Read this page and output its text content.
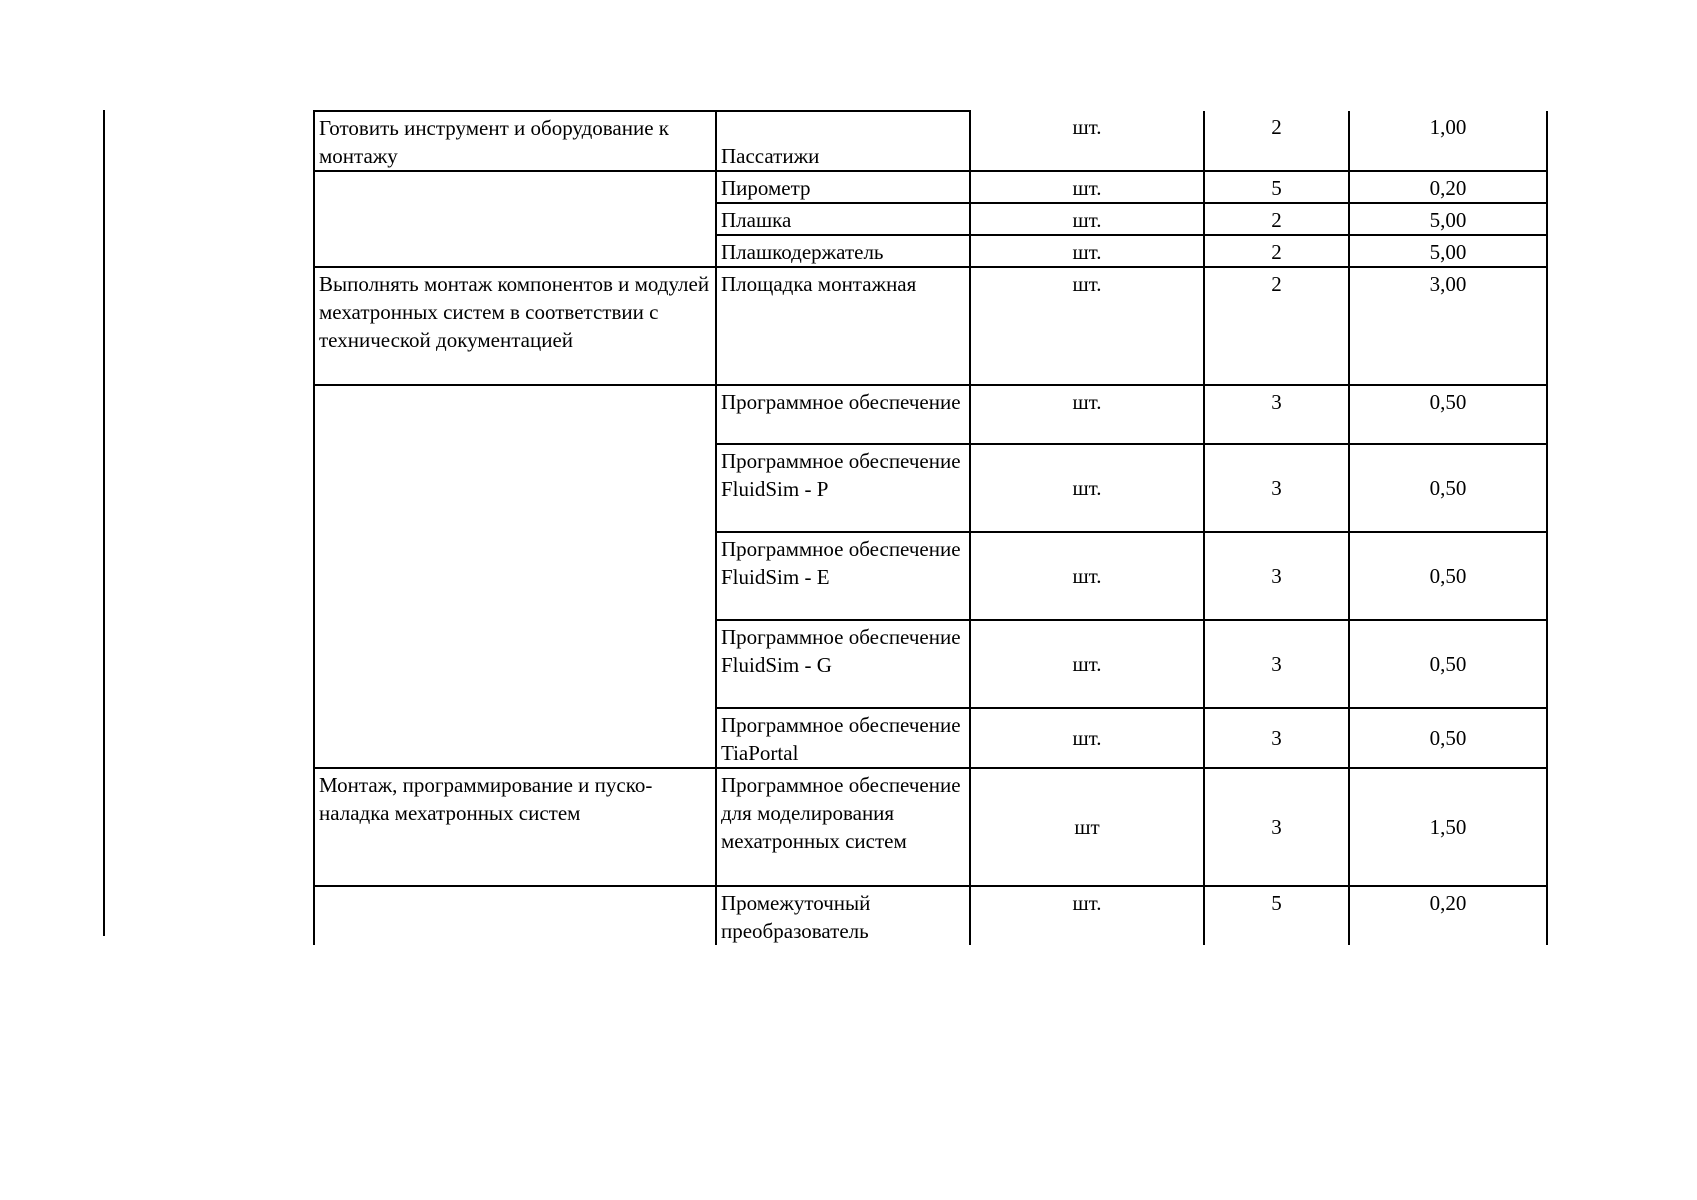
Готовить инструмент и оборудование к монтажу	Пассатижи	шт.	2	1,00

	Пирометр	шт.	5	0,20

	Плашка	шт.	2	5,00

	Плашкодержатель	шт.	2	5,00

Выполнять монтаж компонентов и модулей мехатронных систем в соответствии с технической документацией	Площадка монтажная	шт.	2	3,00

	Программное обеспечение	шт.	3	0,50

	Программное обеспечение FluidSim - P	шт.	3	0,50

	Программное обеспечение FluidSim - E	шт.	3	0,50

	Программное обеспечение FluidSim - G	шт.	3	0,50

	Программное обеспечение TiaPortal	шт.	3	0,50

Монтаж, программирование и пуско-наладка мехатронных систем	Программное обеспечение для моделирования мехатронных систем	шт	3	1,50

	Промежуточный преобразователь	шт.	5	0,20
